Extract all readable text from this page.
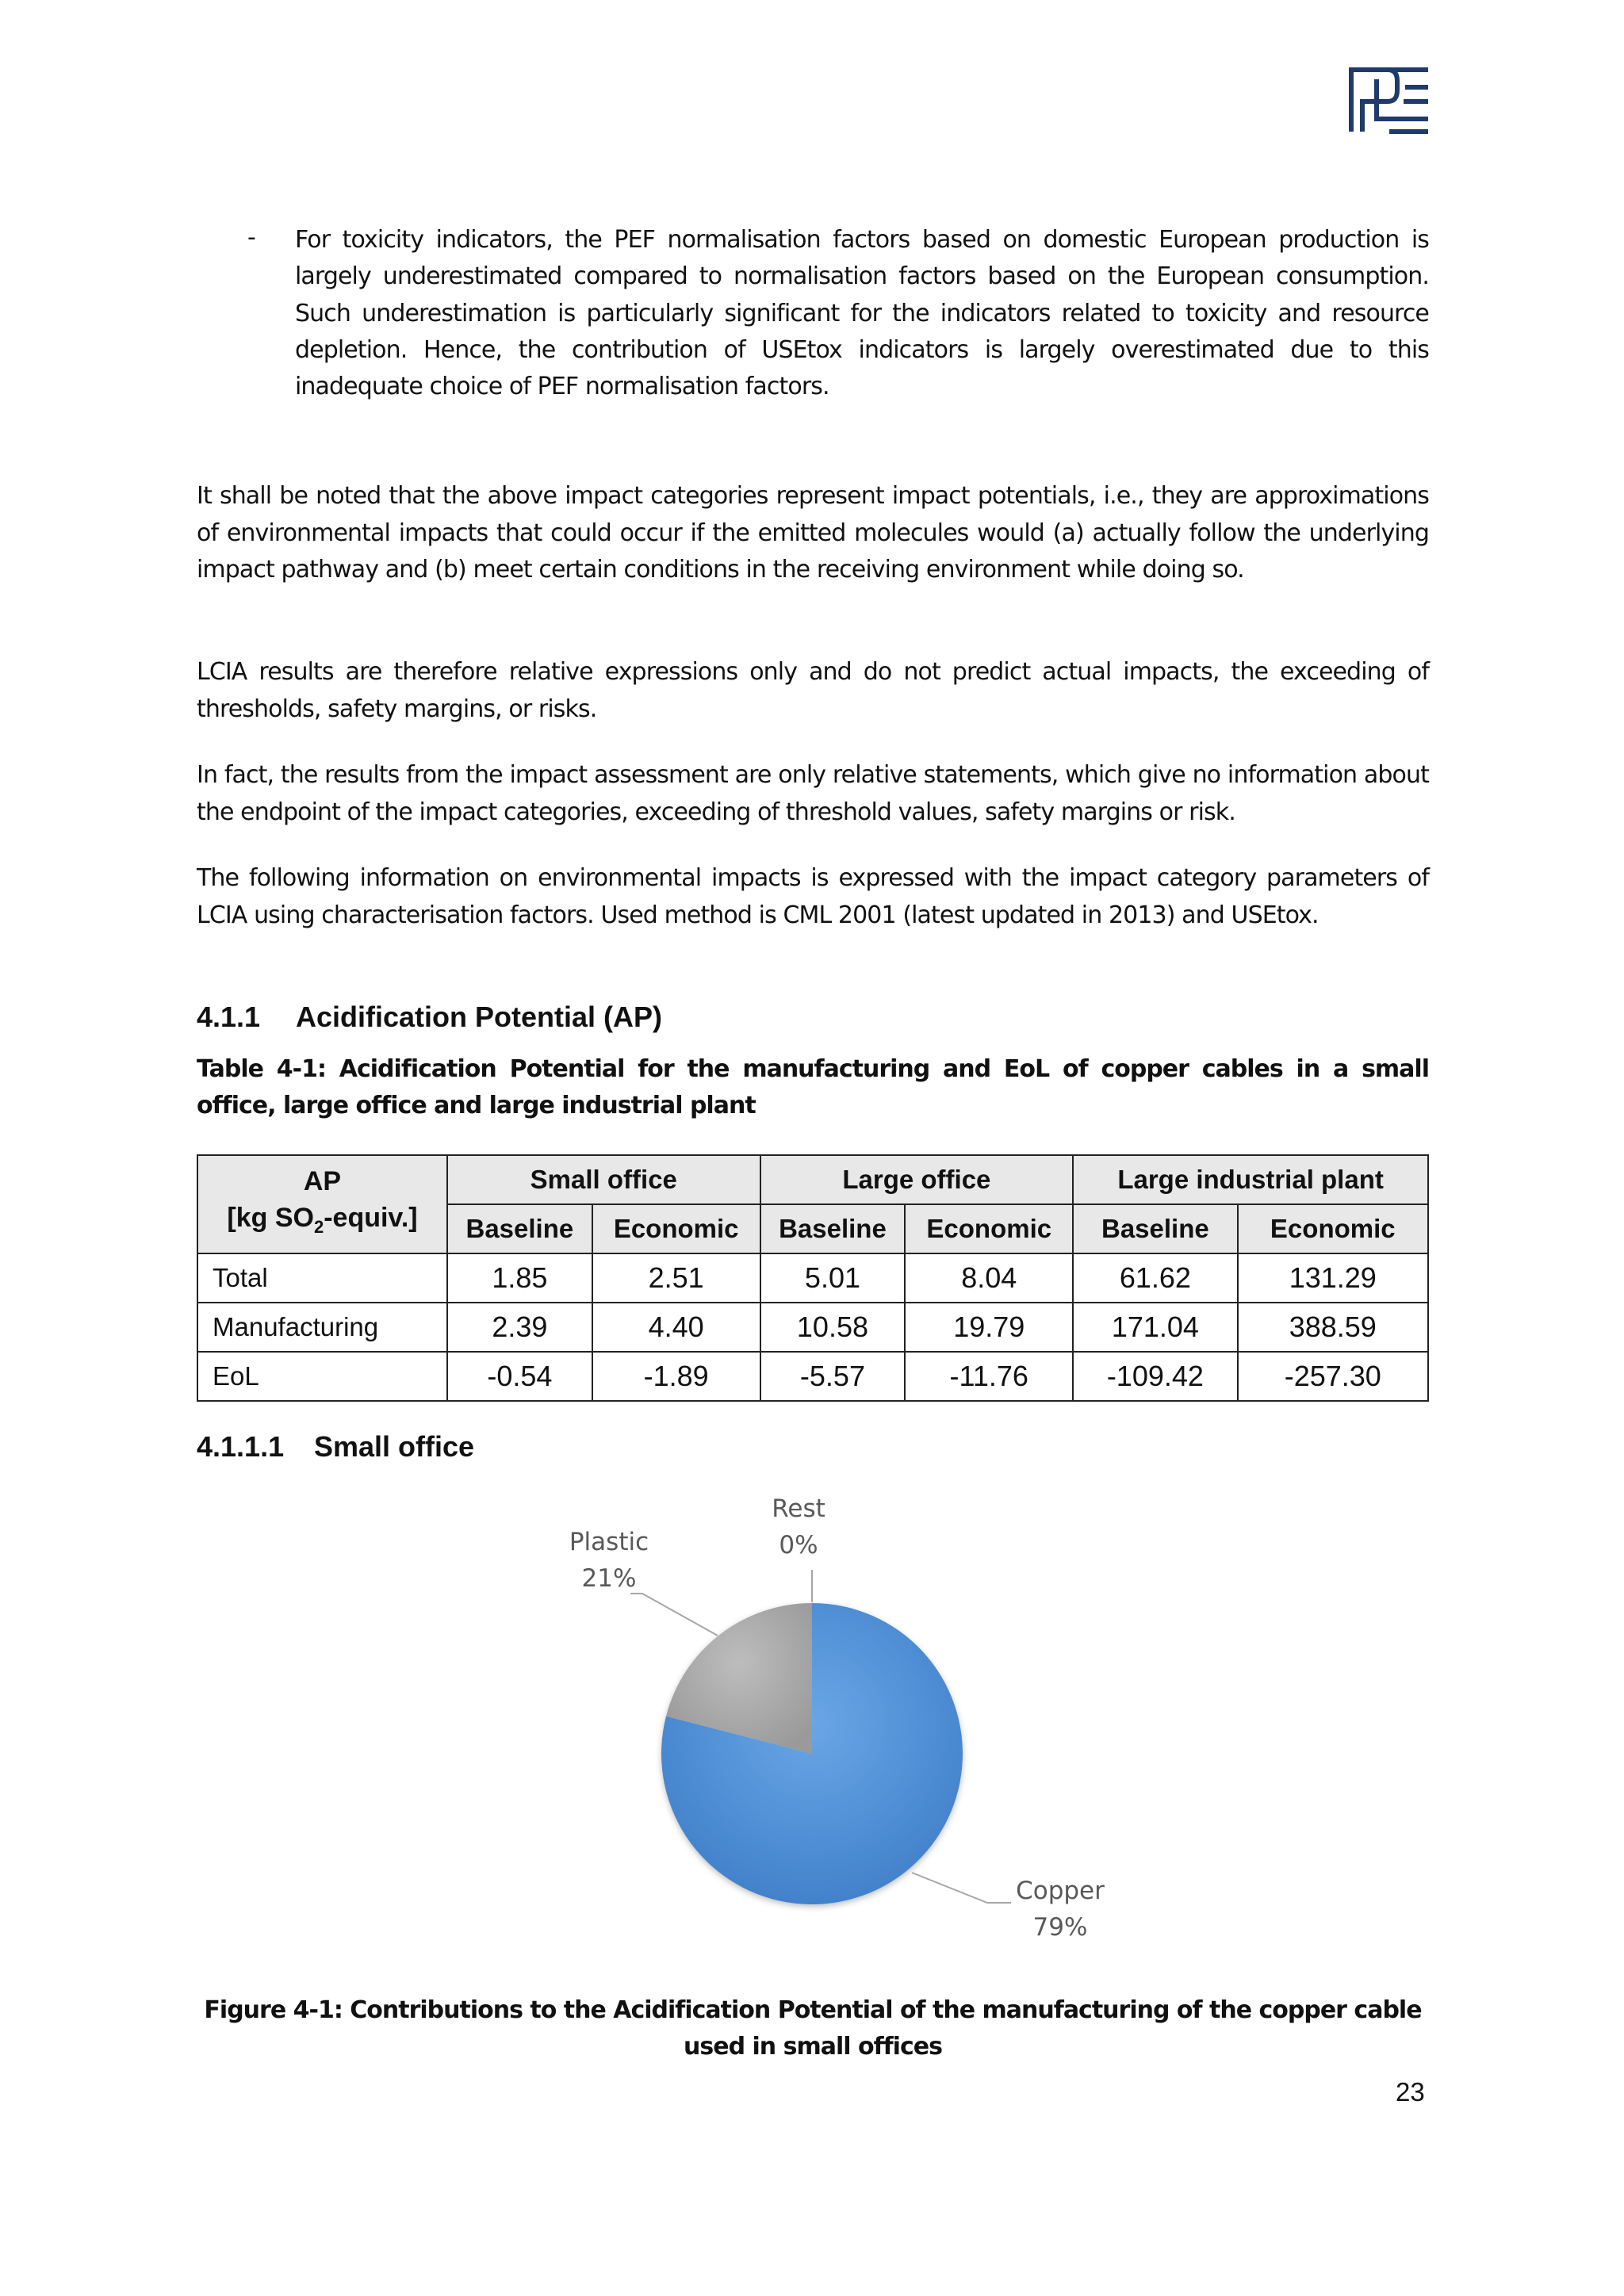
- For toxicity indicators, the PEF normalisation factors based on domestic European production is largely underestimated compared to normalisation factors based on the European consumption. Such underestimation is particularly significant for the indicators related to toxicity and resource depletion. Hence, the contribution of USEtox indicators is largely overestimated due to this inadequate choice of PEF normalisation factors.

It shall be noted that the above impact categories represent impact potentials, i.e., they are approximations of environmental impacts that could occur if the emitted molecules would (a) actually follow the underlying impact pathway and (b) meet certain conditions in the receiving environment while doing so.

LCIA results are therefore relative expressions only and do not predict actual impacts, the exceeding of thresholds, safety margins, or risks.

In fact, the results from the impact assessment are only relative statements, which give no information about the endpoint of the impact categories, exceeding of threshold values, safety margins or risk.

The following information on environmental impacts is expressed with the impact category parameters of LCIA using characterisation factors. Used method is CML 2001 (latest updated in 2013) and USEtox.

4.1.1 Acidification Potential (AP)

Table 4-1: Acidification Potential for the manufacturing and EoL of copper cables in a small office, large office and large industrial plant

AP
[kg $SO_2-equiv$.]	Small office		Large office		Large industrial plant	
	Baseline	Economic	Baseline	Economic	Baseline	Economic
Total	1.85	2.51	5.01	8.04	61.62	131.29
Manufacturing	2.39	4.40	10.58	19.79	171.04	388.59
EoL	-0.54	-1.89	-5.57	-11.76	-109.42	-257.30
4.1.1.1 Small office
Copper
79%
Plastic
21%
Rest
0%

Figure 4-1: Contributions to the Acidification Potential of the manufacturing of the copper cable
used in small offices

23
